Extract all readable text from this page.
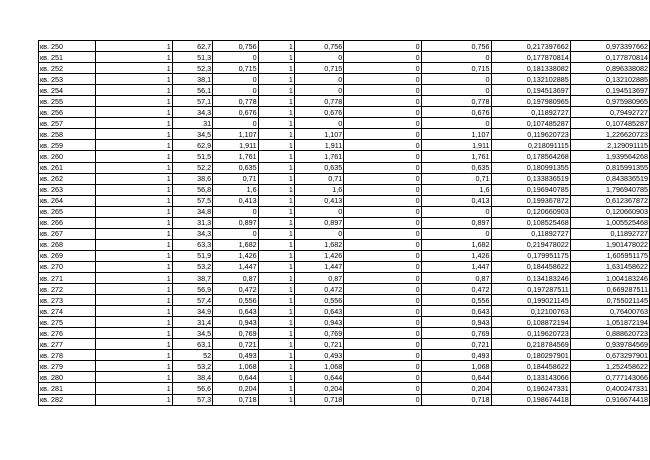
кв. 250	1	62,7	0,756	1	0,756	0	0,756	0,217397662	0,973397662
кв. 251	1	51,3	0	1	0	0	0	0,177870814	0,177870814
кв. 252	1	52,3	0,715	1	0,715	0	0,715	0,181338082	0,896338082
кв. 253	1	38,1	0	1	0	0	0	0,132102885	0,132102885
кв. 254	1	56,1	0	1	0	0	0	0,194513697	0,194513697
кв. 255	1	57,1	0,778	1	0,778	0	0,778	0,197980965	0,975980965
кв. 256	1	34,3	0,676	1	0,676	0	0,676	0,11892727	0,79492727
кв. 257	1	31	0	1	0	0	0	0,107485287	0,107485287
кв. 258	1	34,5	1,107	1	1,107	0	1,107	0,119620723	1,226620723
кв. 259	1	62,9	1,911	1	1,911	0	1,911	0,218091115	2,129091115
кв. 260	1	51,5	1,761	1	1,761	0	1,761	0,178564268	1,939564268
кв. 261	1	52,2	0,635	1	0,635	0	0,635	0,180991355	0,815991355
кв. 262	1	38,6	0,71	1	0,71	0	0,71	0,133836519	0,843836519
кв. 263	1	56,8	1,6	1	1,6	0	1,6	0,196940785	1,796940785
кв. 264	1	57,5	0,413	1	0,413	0	0,413	0,199367872	0,612367872
кв. 265	1	34,8	0	1	0	0	0	0,120660903	0,120660903
кв. 266	1	31,3	0,897	1	0,897	0	0,897	0,108525468	1,005525468
кв. 267	1	34,3	0	1	0	0	0	0,11892727	0,11892727
кв. 268	1	63,3	1,682	1	1,682	0	1,682	0,219478022	1,901478022
кв. 269	1	51,9	1,426	1	1,426	0	1,426	0,179951175	1,605951175
кв. 270	1	53,2	1,447	1	1,447	0	1,447	0,184458622	1,631458622
кв. 271	1	38,7	0,87	1	0,87	0	0,87	0,134183246	1,004183246
кв. 272	1	56,9	0,472	1	0,472	0	0,472	0,197287511	0,669287511
кв. 273	1	57,4	0,556	1	0,556	0	0,556	0,199021145	0,755021145
кв. 274	1	34,9	0,643	1	0,643	0	0,643	0,12100763	0,76400763
кв. 275	1	31,4	0,943	1	0,943	0	0,943	0,108872194	1,051872194
кв. 276	1	34,5	0,769	1	0,769	0	0,769	0,119620723	0,888620723
кв. 277	1	63,1	0,721	1	0,721	0	0,721	0,218784569	0,939784569
кв. 278	1	52	0,493	1	0,493	0	0,493	0,180297901	0,673297901
кв. 279	1	53,2	1,068	1	1,068	0	1,068	0,184458622	1,252458622
кв. 280	1	38,4	0,644	1	0,644	0	0,644	0,133143066	0,777143066
кв. 281	1	56,6	0,204	1	0,204	0	0,204	0,196247331	0,400247331
кв. 282	1	57,3	0,718	1	0,718	0	0,718	0,198674418	0,916674418
